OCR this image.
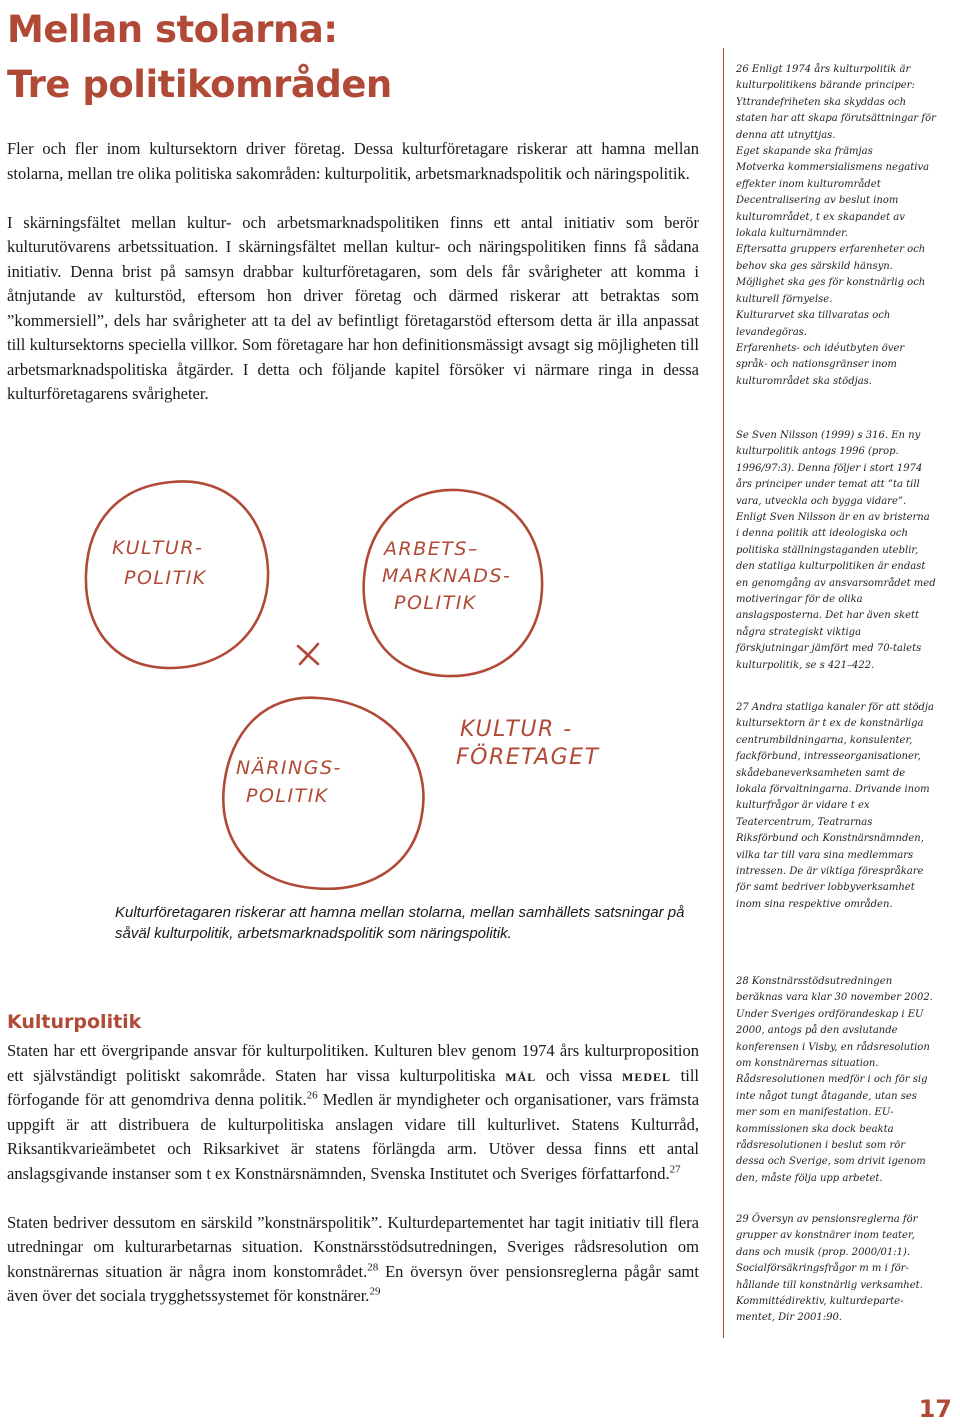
Mellan stolarna:
Tre politikområden

Fler och fler inom kultursektorn driver företag. Dessa kulturföretagare riskerar att hamna mellan stolarna, mellan tre olika politiska sakområden: kulturpolitik, arbetsmarknadspolitik och näringspolitik.

I skärningsfältet mellan kultur- och arbetsmarknadspolitiken finns ett antal initiativ som berör kulturutövarens arbetssituation. I skärningsfältet mellan kultur- och näringspolitiken finns få sådana initiativ. Denna brist på samsyn drabbar kulturföretagaren, som dels får svårigheter att komma i åtnjutande av kulturstöd, eftersom hon driver företag och därmed riskerar att betraktas som ”kommersiell”, dels har svårigheter att ta del av befintligt företagarstöd eftersom detta är illa anpassat till kultursektorns speciella villkor. Som företagare har hon definitionsmässigt avsagt sig möjligheten till arbetsmarknadspolitiska åtgärder. I detta och följande kapitel försöker vi närmare ringa in dessa kulturföretagarens svårigheter.

KULTUR-
POLITIK
ARBETS–
MARKNADS-
POLITIK
NÄRINGS-
POLITIK
KULTUR -
FÖRETAGET

Kulturföretagaren riskerar att hamna mellan stolarna, mellan samhällets satsningar på såväl kulturpolitik, arbetsmarknadspolitik som näringspolitik.

Kulturpolitik

Staten har ett övergripande ansvar för kulturpolitiken. Kulturen blev genom 1974 års kulturproposition ett självständigt politiskt sakområde. Staten har vissa kulturpolitiska mål och vissa medel till förfogande för att genomdriva denna politik.$^{26}$ Medlen är myndigheter och organisationer, vars främsta uppgift är att distribuera de kulturpolitiska anslagen vidare till kulturlivet. Statens Kulturråd, Riksantikvarieämbetet och Riksarkivet är statens förlängda arm. Utöver dessa finns ett antal anslagsgivande instanser som t ex Konstnärsnämnden, Svenska Institutet och Sveriges författarfond.$^{27}$

Staten bedriver dessutom en särskild ”konstnärspolitik”. Kulturdepartementet har tagit initiativ till flera utredningar om kulturarbetarnas situation. Konstnärsstödsutredningen, Sveriges rådsresolution om konstnärernas situation är några inom konstområdet.$^{28}$ En översyn över pensionsreglerna pågår samt även över det sociala trygghetssystemet för konstnärer.$^{29}$

26 Enligt 1974 års kulturpolitik är kulturpolitikens bärande principer:

Yttrandefriheten ska skyddas och staten har att skapa förutsättningar för denna att utnyttjas.

Eget skapande ska främjas

Motverka kommersialismens negativa effekter inom kulturområdet

Decentralisering av beslut inom kulturområdet, t ex skapandet av lokala kulturnämnder.

Eftersatta gruppers erfarenheter och behov ska ges särskild hänsyn.

Möjlighet ska ges för konstnärlig och kulturell förnyelse.

Kulturarvet ska tillvaratas och levandegöras.

Erfarenhets- och idéutbyten över språk- och nationsgränser inom kulturområdet ska stödjas.

Se Sven Nilsson (1999) s 316. En ny kulturpolitik antogs 1996 (prop. 1996/97:3). Denna följer i stort 1974 års principer under temat att ”ta till vara, utveckla och bygga vidare”. Enligt Sven Nilsson är en av bristerna i denna politik att ideologiska och politiska ställningstaganden uteblir, den statliga kulturpolitiken är endast en genomgång av ansvarsområdet med motiveringar för de olika anslagsposterna. Det har även skett några strategiskt viktiga förskjutningar jämfört med 70-talets kulturpolitik, se s 421–422.

27 Andra statliga kanaler för att stödja kultursektorn är t ex de konstnärliga centrumbildningarna, konsulenter, fackförbund, intresseorganisationer, skådebaneverksamheten samt de lokala förvaltningarna. Drivande inom kulturfrågor är vidare t ex Teatercentrum, Teatrarnas Riksförbund och Konstnärsnämnden, vilka tar till vara sina medlemmars intressen. De är viktiga förespråkare för samt bedriver lobbyverksamhet inom sina respektive områden.

28 Konstnärsstödsutredningen beräknas vara klar 30 november 2002. Under Sveriges ordförandeskap i EU 2000, antogs på den avslutande konferensen i Visby, en rådsresolution om konstnärernas situation. Rådsresolutionen medför i och för sig inte något tungt åtagande, utan ses mer som en manifestation. EU-kommissionen ska dock beakta rådsresolutionen i beslut som rör dessa och Sverige, som drivit igenom den, måste följa upp arbetet.

29 Översyn av pensionsreglerna för grupper av konstnärer inom teater, dans och musik (prop. 2000/01:1). Socialförsäkringsfrågor m m i förhållande till konstnärlig verksamhet. Kommittédirektiv, kulturdepartementet, Dir 2001:90.

17
